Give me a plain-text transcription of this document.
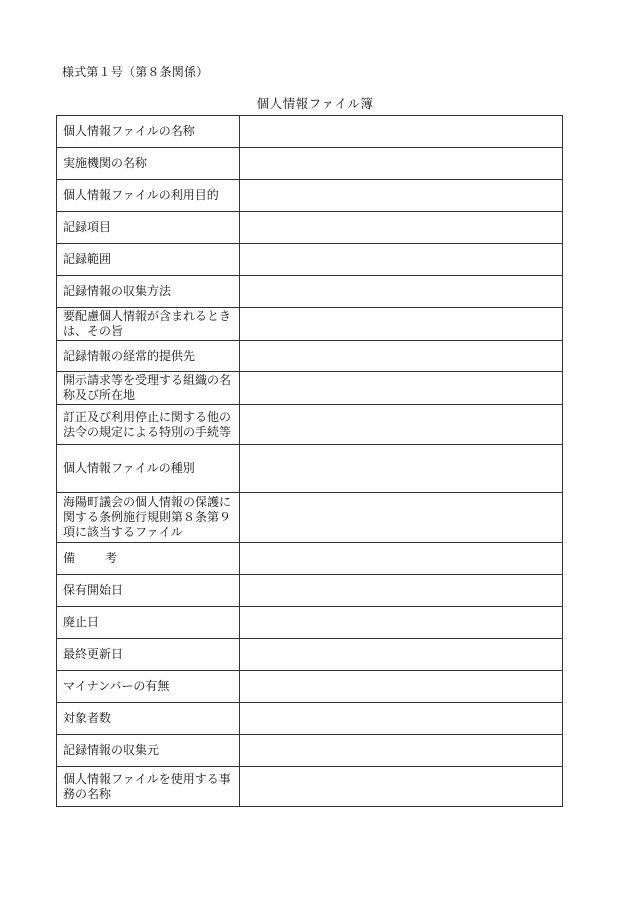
様式第１号（第８条関係）
個人情報ファイル簿
個人情報ファイルの名称	
実施機関の名称	
個人情報ファイルの利用目的	
記録項目	
記録範囲	
記録情報の収集方法	
要配慮個人情報が含まれるときは、その旨	
記録情報の経常的提供先	
開示請求等を受理する組織の名称及び所在地	
訂正及び利用停止に関する他の法令の規定による特別の手続等	
個人情報ファイルの種別	
海陽町議会の個人情報の保護に関する条例施行規則第８条第９項に該当するファイル	
備考	
保有開始日	
廃止日	
最終更新日	
マイナンバーの有無	
対象者数	
記録情報の収集元	
個人情報ファイルを使用する事務の名称	
